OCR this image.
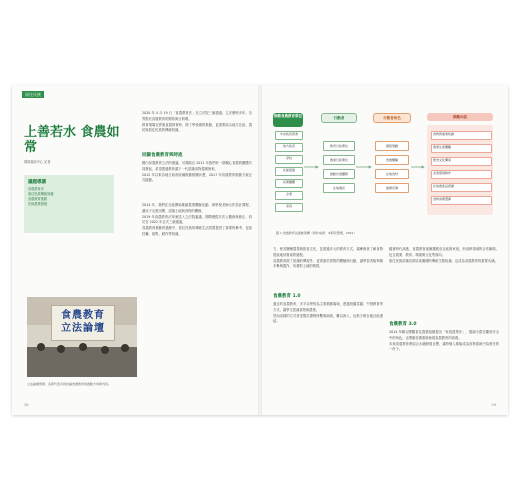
原住民族
上善若水 食農如常
環境資訊中心 記者
議題導讀
食農教育法
原住民族傳統知識
食農教育推動
在地農業發展

2020 年 4 月 19 日「食農教育法」在立法院三讀通過，立法歷時多年，各界對於食農教育的期待與日俱增。

教育現場在實施食農教育時，除了學校端的推動，更需要結合地方社區、農民與原住民族的傳統知識。

回顧食農教育與時進

國內食農教育立法的倡議，可溯源自 2011 年我們有一群關心食農的團體共同發起，希望透過教育讓下一代認識食物從哪裡來。

2012 年以來各地方政府陸續推動相關計畫，2017 年食農教育推動方案正式啟動。

2014 年，我們在社區開始推動農業體驗活動，與學校老師合作設計課程，讓孩子走進田間，認識土地與食物的關係。

2019 年食農教育法草案送入立法院審議，期間歷經多次公聽會與修正，終於在 2022 年正式三讀通過。

食農教育推動的過程中，原住民族的傳統生活智慧提供了重要的參考，包括狩獵、採集、耕作等知識。

食農教育 立法論壇
立法論壇現場，各界代表共同討論食農教育的推動方向與內容。
28
推動食農教育單位
中央政府部會
地方政府
學校
社區組織
民間團體
企業
家庭
行動者
教育行政單位
農業行政單位
推動計畫團隊
在地農民
行動者角色
課程規劃
食農體驗
在地食材
推廣宣導
推動內容
食物與農業知識
農業生產體驗
飲食文化傳承
友善環境耕作
在地農產品認識
食物消費選擇
圖 1 食農教育法推動架構（資料來源：本研究整理，2021）

力、使其關懷農業與飲食文化，並透過多元的教育方式，讓參與者了解食物從產地到餐桌的過程。

食農教育除了知識的傳授外，更著重於實際的體驗與行動，讓學習者能夠親手參與農作，培養對土地的情感。

食農教育 1.0

過去的食農教育，多半以學校為主要推動場域，透過校園菜園、午餐教育等方式，讓學生認識食物與農業。

然而這樣的方式常受限於課程時數與師資，難以深入，也較少與在地社區連結。

隨著時代演進，食農教育逐漸擴展至社區與家庭，形成跨領域的合作網絡，包含農業、教育、環境與文化等面向。

原住民族部落長期以來累積的傳統生態知識，也成為食農教育的重要內涵。

食農教育 3.0

2014 年聯合國糧食及農業組織提出「家庭農業年」，強調小農在糧食安全中的角色，也帶動各國重新檢視食農教育的意義。

未來食農教育將結合永續發展目標，讓每個人都能成為食物系統中負責任的一份子。

29
